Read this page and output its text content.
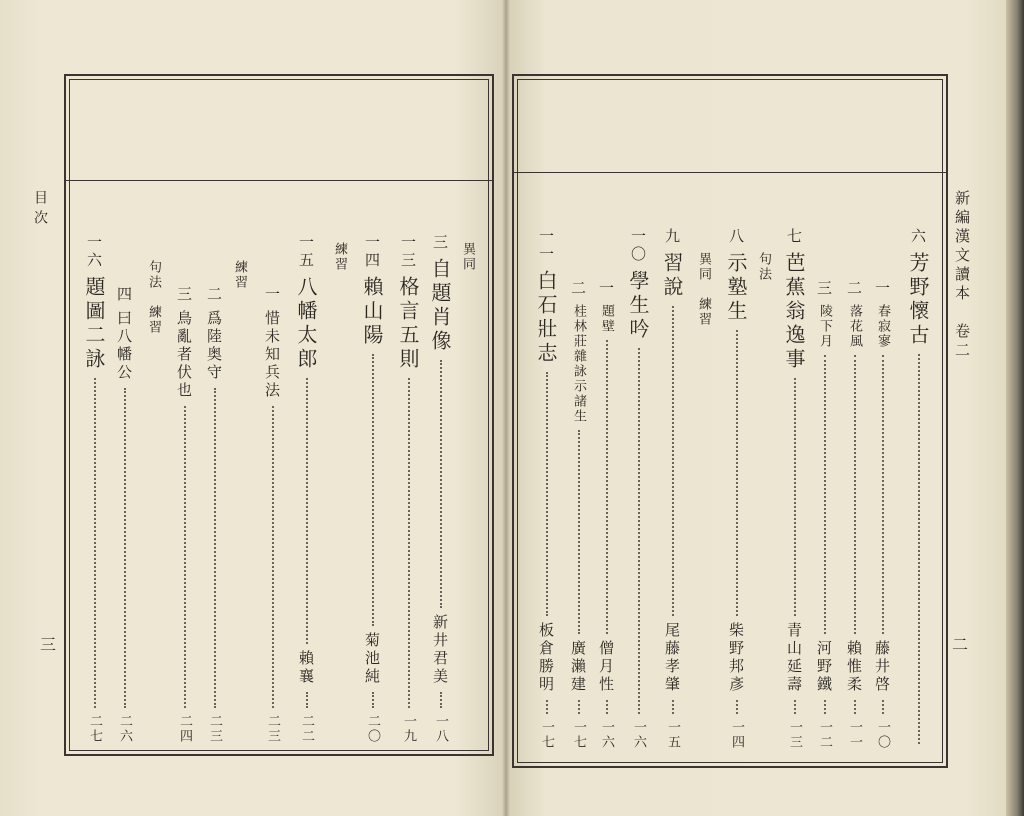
目次
三
三
自題肖像
新井君美
一八
異同
一三
格言五則
一九
一四
賴山陽
菊池純
二〇
練習
一五
八幡太郎
賴襄
二二
一
惜未知兵法
二三
練習
二
爲陸奥守
二三
三
鳥亂者伏也
二四
句法　練習
四
曰八幡公
二六
一六
題圖二詠
二七
六
芳野懷古
一
春寂寥
藤井啓
一〇
二
落花風
賴惟柔
一一
三
陵下月
河野鐵
一二
七
芭蕉翁逸事
青山延壽
一三
句法
八
示塾生
柴野邦彥
一四
異同　練習
九
習說
尾藤孝肇
一五
一〇
學生吟
一六
一
題壁
僧月性
一六
二
桂林莊雜詠示諸生
廣瀨建
一七
一一
白石壯志
板倉勝明
一七
新編漢文讀本　卷二
二
